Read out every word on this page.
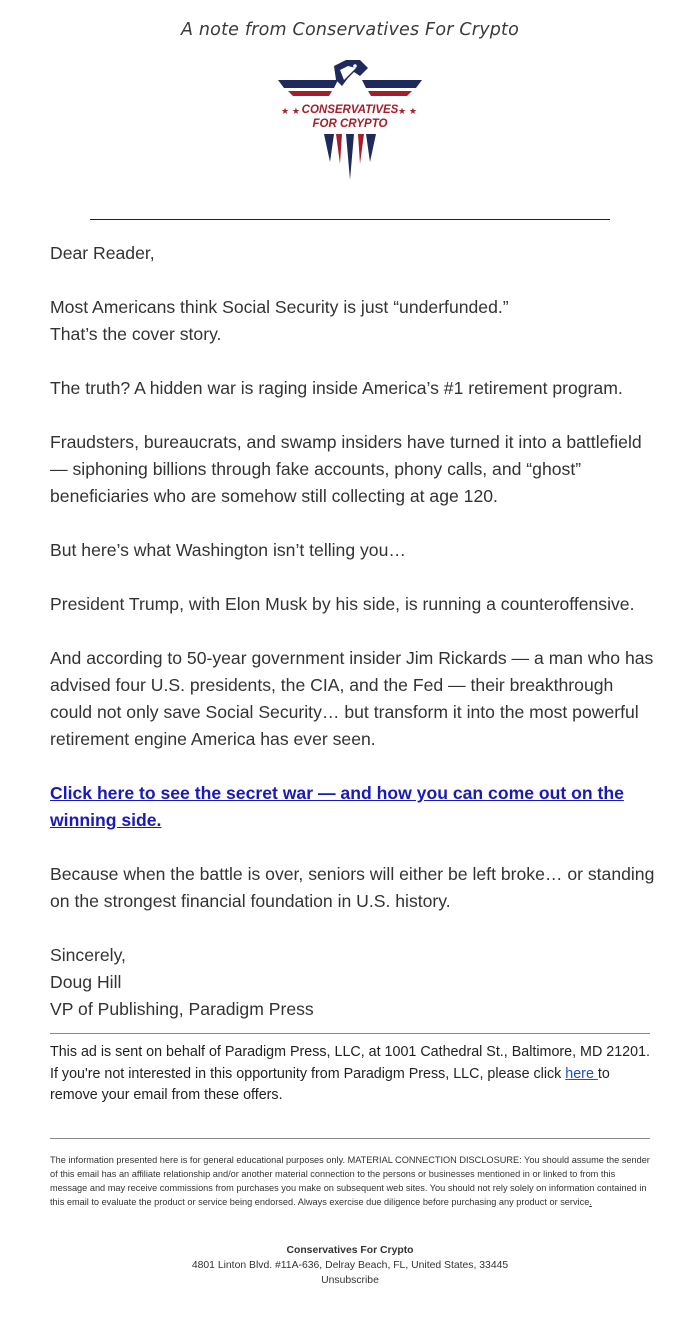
A note from Conservatives For Crypto
★ ★	★ ★
CONSERVATIVES
FOR CRYPTO

Dear Reader,

Most Americans think Social Security is just “underfunded.”

That’s the cover story.

The truth? A hidden war is raging inside America’s #1 retirement program.

Fraudsters, bureaucrats, and swamp insiders have turned it into a battlefield — siphoning billions through fake accounts, phony calls, and “ghost” beneficiaries who are somehow still collecting at age 120.

But here’s what Washington isn’t telling you…

President Trump, with Elon Musk by his side, is running a counteroffensive.

And according to 50-year government insider Jim Rickards — a man who has advised four U.S. presidents, the CIA, and the Fed — their breakthrough could not only save Social Security… but transform it into the most powerful retirement engine America has ever seen.

Click here to see the secret war — and how you can come out on the winning side.

Because when the battle is over, seniors will either be left broke… or standing on the strongest financial foundation in U.S. history.

Sincerely,

Doug Hill

VP of Publishing, Paradigm Press

This ad is sent on behalf of Paradigm Press, LLC, at 1001 Cathedral St., Baltimore, MD 21201. If you're not interested in this opportunity from Paradigm Press, LLC, please click here to remove your email from these offers.
The information presented here is for general educational purposes only. MATERIAL CONNECTION DISCLOSURE: You should assume the sender of this email has an affiliate relationship and/or another material connection to the persons or businesses mentioned in or linked to from this message and may receive commissions from purchases you make on subsequent web sites. You should not rely solely on information contained in this email to evaluate the product or service being endorsed. Always exercise due diligence before purchasing any product or service.
Conservatives For Crypto
4801 Linton Blvd. #11A-636, Delray Beach, FL, United States, 33445
Unsubscribe
